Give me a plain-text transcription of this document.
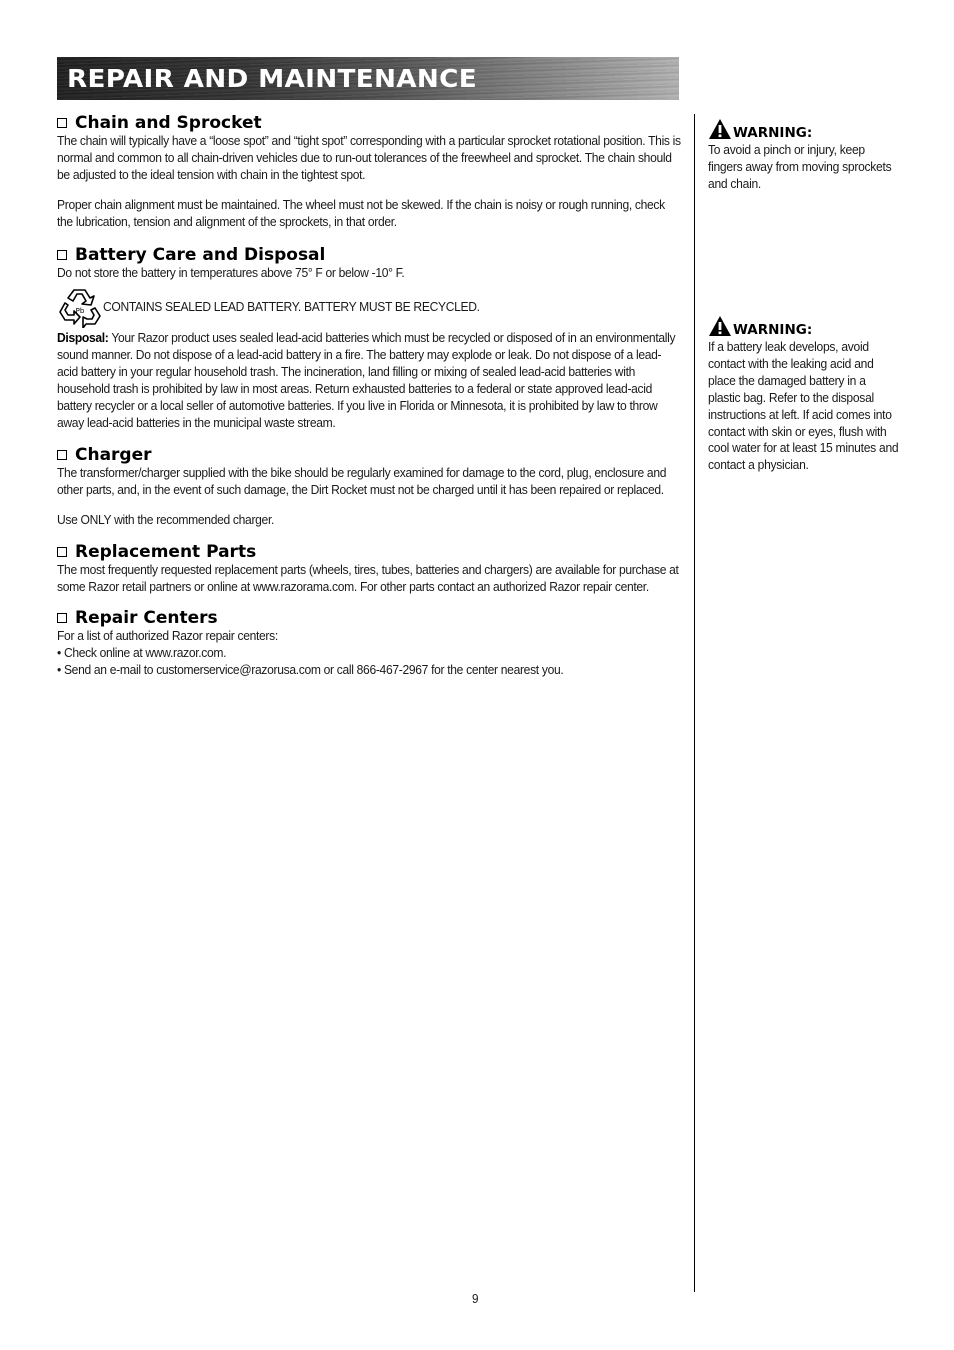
REPAIR AND MAINTENANCE
Chain and Sprocket

The chain will typically have a “loose spot” and “tight spot” corresponding with a particular sprocket rotational position. This is normal and common to all chain-driven vehicles due to run-out tolerances of the freewheel and sprocket. The chain should be adjusted to the ideal tension with chain in the tightest spot.

Proper chain alignment must be maintained. The wheel must not be skewed. If the chain is noisy or rough running, check the lubrication, tension and alignment of the sprockets, in that order.

Battery Care and Disposal

Do not store the battery in temperatures above 75° F or below -10° F.

Pb CONTAINS SEALED LEAD BATTERY. BATTERY MUST BE RECYCLED.

Disposal: Your Razor product uses sealed lead-acid batteries which must be recycled or disposed of in an environmentally sound manner. Do not dispose of a lead-acid battery in a fire. The battery may explode or leak. Do not dispose of a lead-acid battery in your regular household trash. The incineration, land filling or mixing of sealed lead-acid batteries with household trash is prohibited by law in most areas. Return exhausted batteries to a federal or state approved lead-acid battery recycler or a local seller of automotive batteries. If you live in Florida or Minnesota, it is prohibited by law to throw away lead-acid batteries in the municipal waste stream.

Charger

The transformer/charger supplied with the bike should be regularly examined for damage to the cord, plug, enclosure and other parts, and, in the event of such damage, the Dirt Rocket must not be charged until it has been repaired or replaced.

Use ONLY with the recommended charger.

Replacement Parts

The most frequently requested replacement parts (wheels, tires, tubes, batteries and chargers) are available for purchase at some Razor retail partners or online at www.razorama.com. For other parts contact an authorized Razor repair center.

Repair Centers

For a list of authorized Razor repair centers:

• Check online at www.razor.com.

• Send an e-mail to customerservice@razorusa.com or call 866-467-2967 for the center nearest you.

WARNING:

To avoid a pinch or injury, keep fingers away from moving sprockets and chain.

WARNING:

If a battery leak develops, avoid contact with the leaking acid and place the damaged battery in a plastic bag. Refer to the disposal instructions at left. If acid comes into contact with skin or eyes, flush with cool water for at least 15 minutes and contact a physician.

9
